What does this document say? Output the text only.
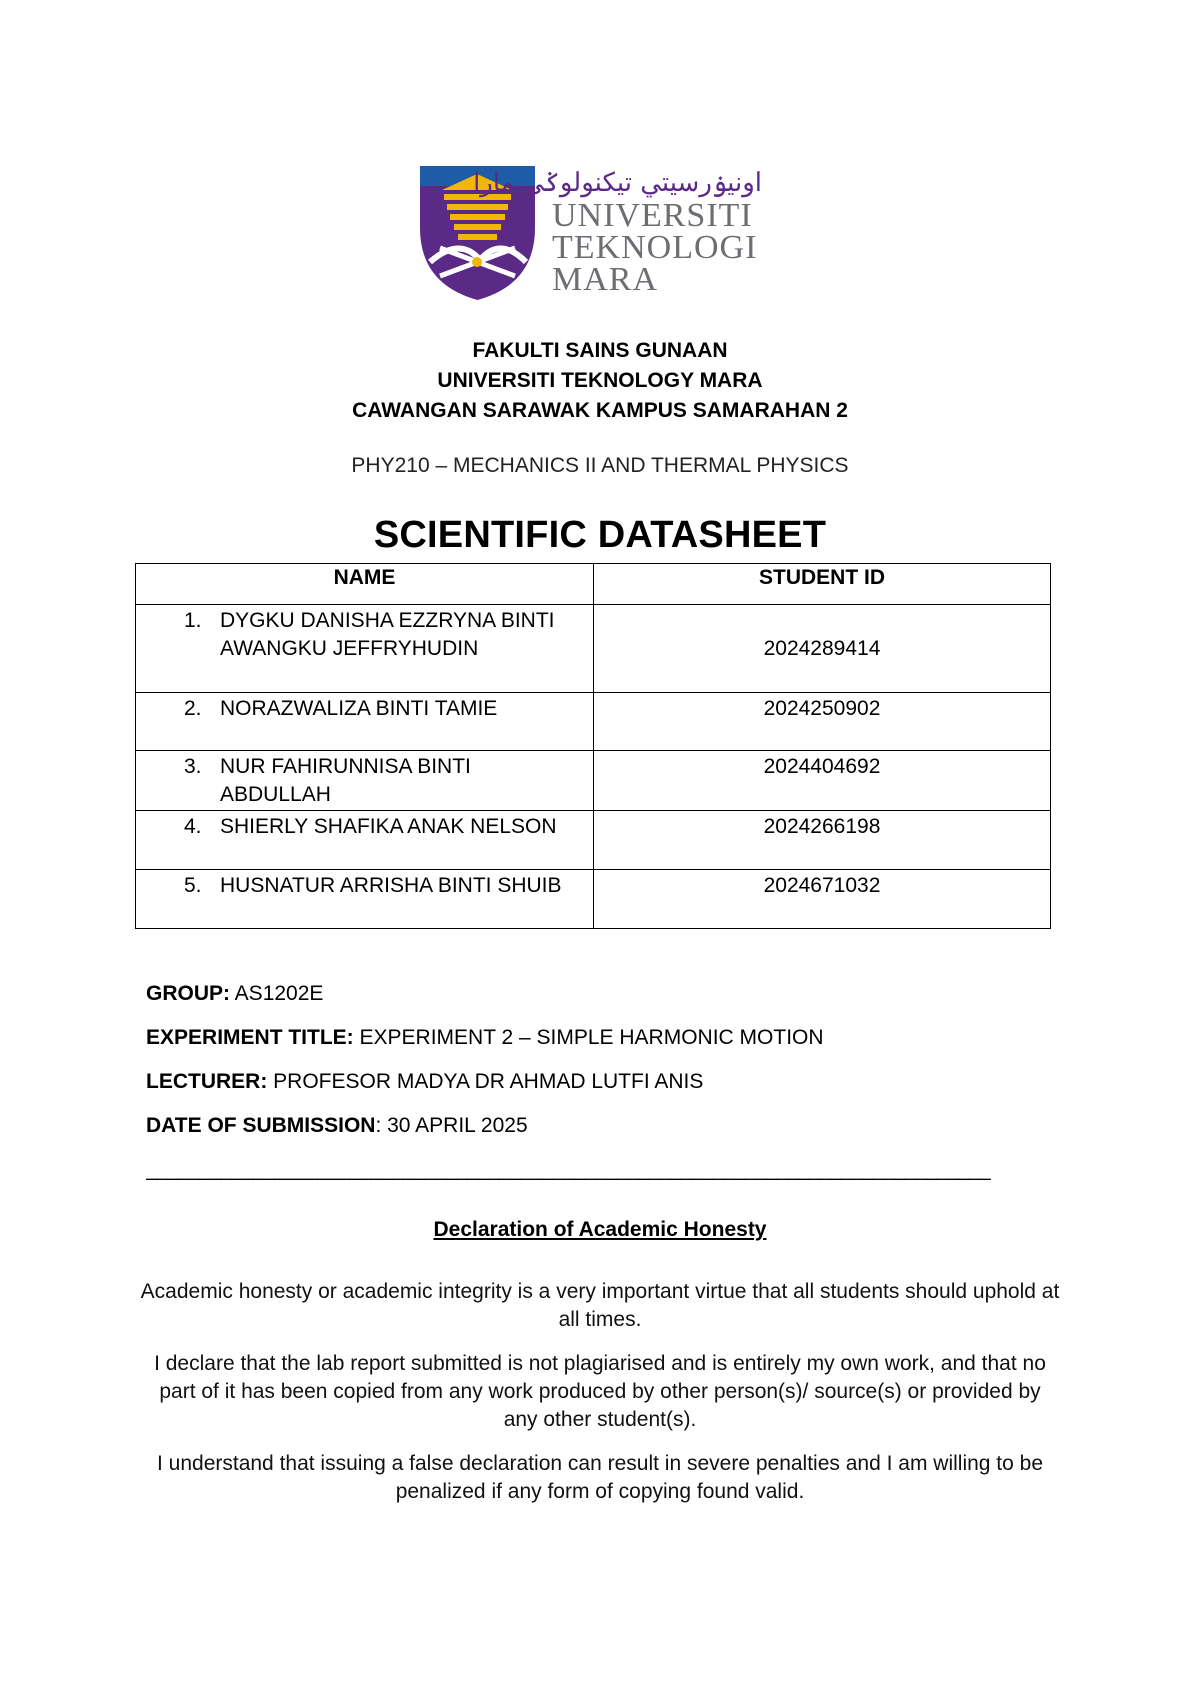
اونيۏرسيتي تيكنولوݢي مارا
UNIVERSITI
TEKNOLOGI
MARA
FAKULTI SAINS GUNAAN
UNIVERSITI TEKNOLOGY MARA
CAWANGAN SARAWAK KAMPUS SAMARAHAN 2
PHY210 – MECHANICS II AND THERMAL PHYSICS
SCIENTIFIC DATASHEET
NAME	STUDENT ID

1. DYGKU DANISHA EZZRYNA BINTI AWANGKU JEFFRYHUDIN	2024289414

2. NORAZWALIZA BINTI TAMIE	2024250902

3. NUR FAHIRUNNISA BINTI ABDULLAH	2024404692

4. SHIERLY SHAFIKA ANAK NELSON	2024266198

5. HUSNATUR ARRISHA BINTI SHUIB	2024671032
GROUP: AS1202E
EXPERIMENT TITLE: EXPERIMENT 2 – SIMPLE HARMONIC MOTION
LECTURER: PROFESOR MADYA DR AHMAD LUTFI ANIS
DATE OF SUBMISSION: 30 APRIL 2025
_______________________________________________________________________________
Declaration of Academic Honesty
Academic honesty or academic integrity is a very important virtue that all students should uphold at all times.
I declare that the lab report submitted is not plagiarised and is entirely my own work, and that no part of it has been copied from any work produced by other person(s)/ source(s) or provided by any other student(s).
I understand that issuing a false declaration can result in severe penalties and I am willing to be penalized if any form of copying found valid.
